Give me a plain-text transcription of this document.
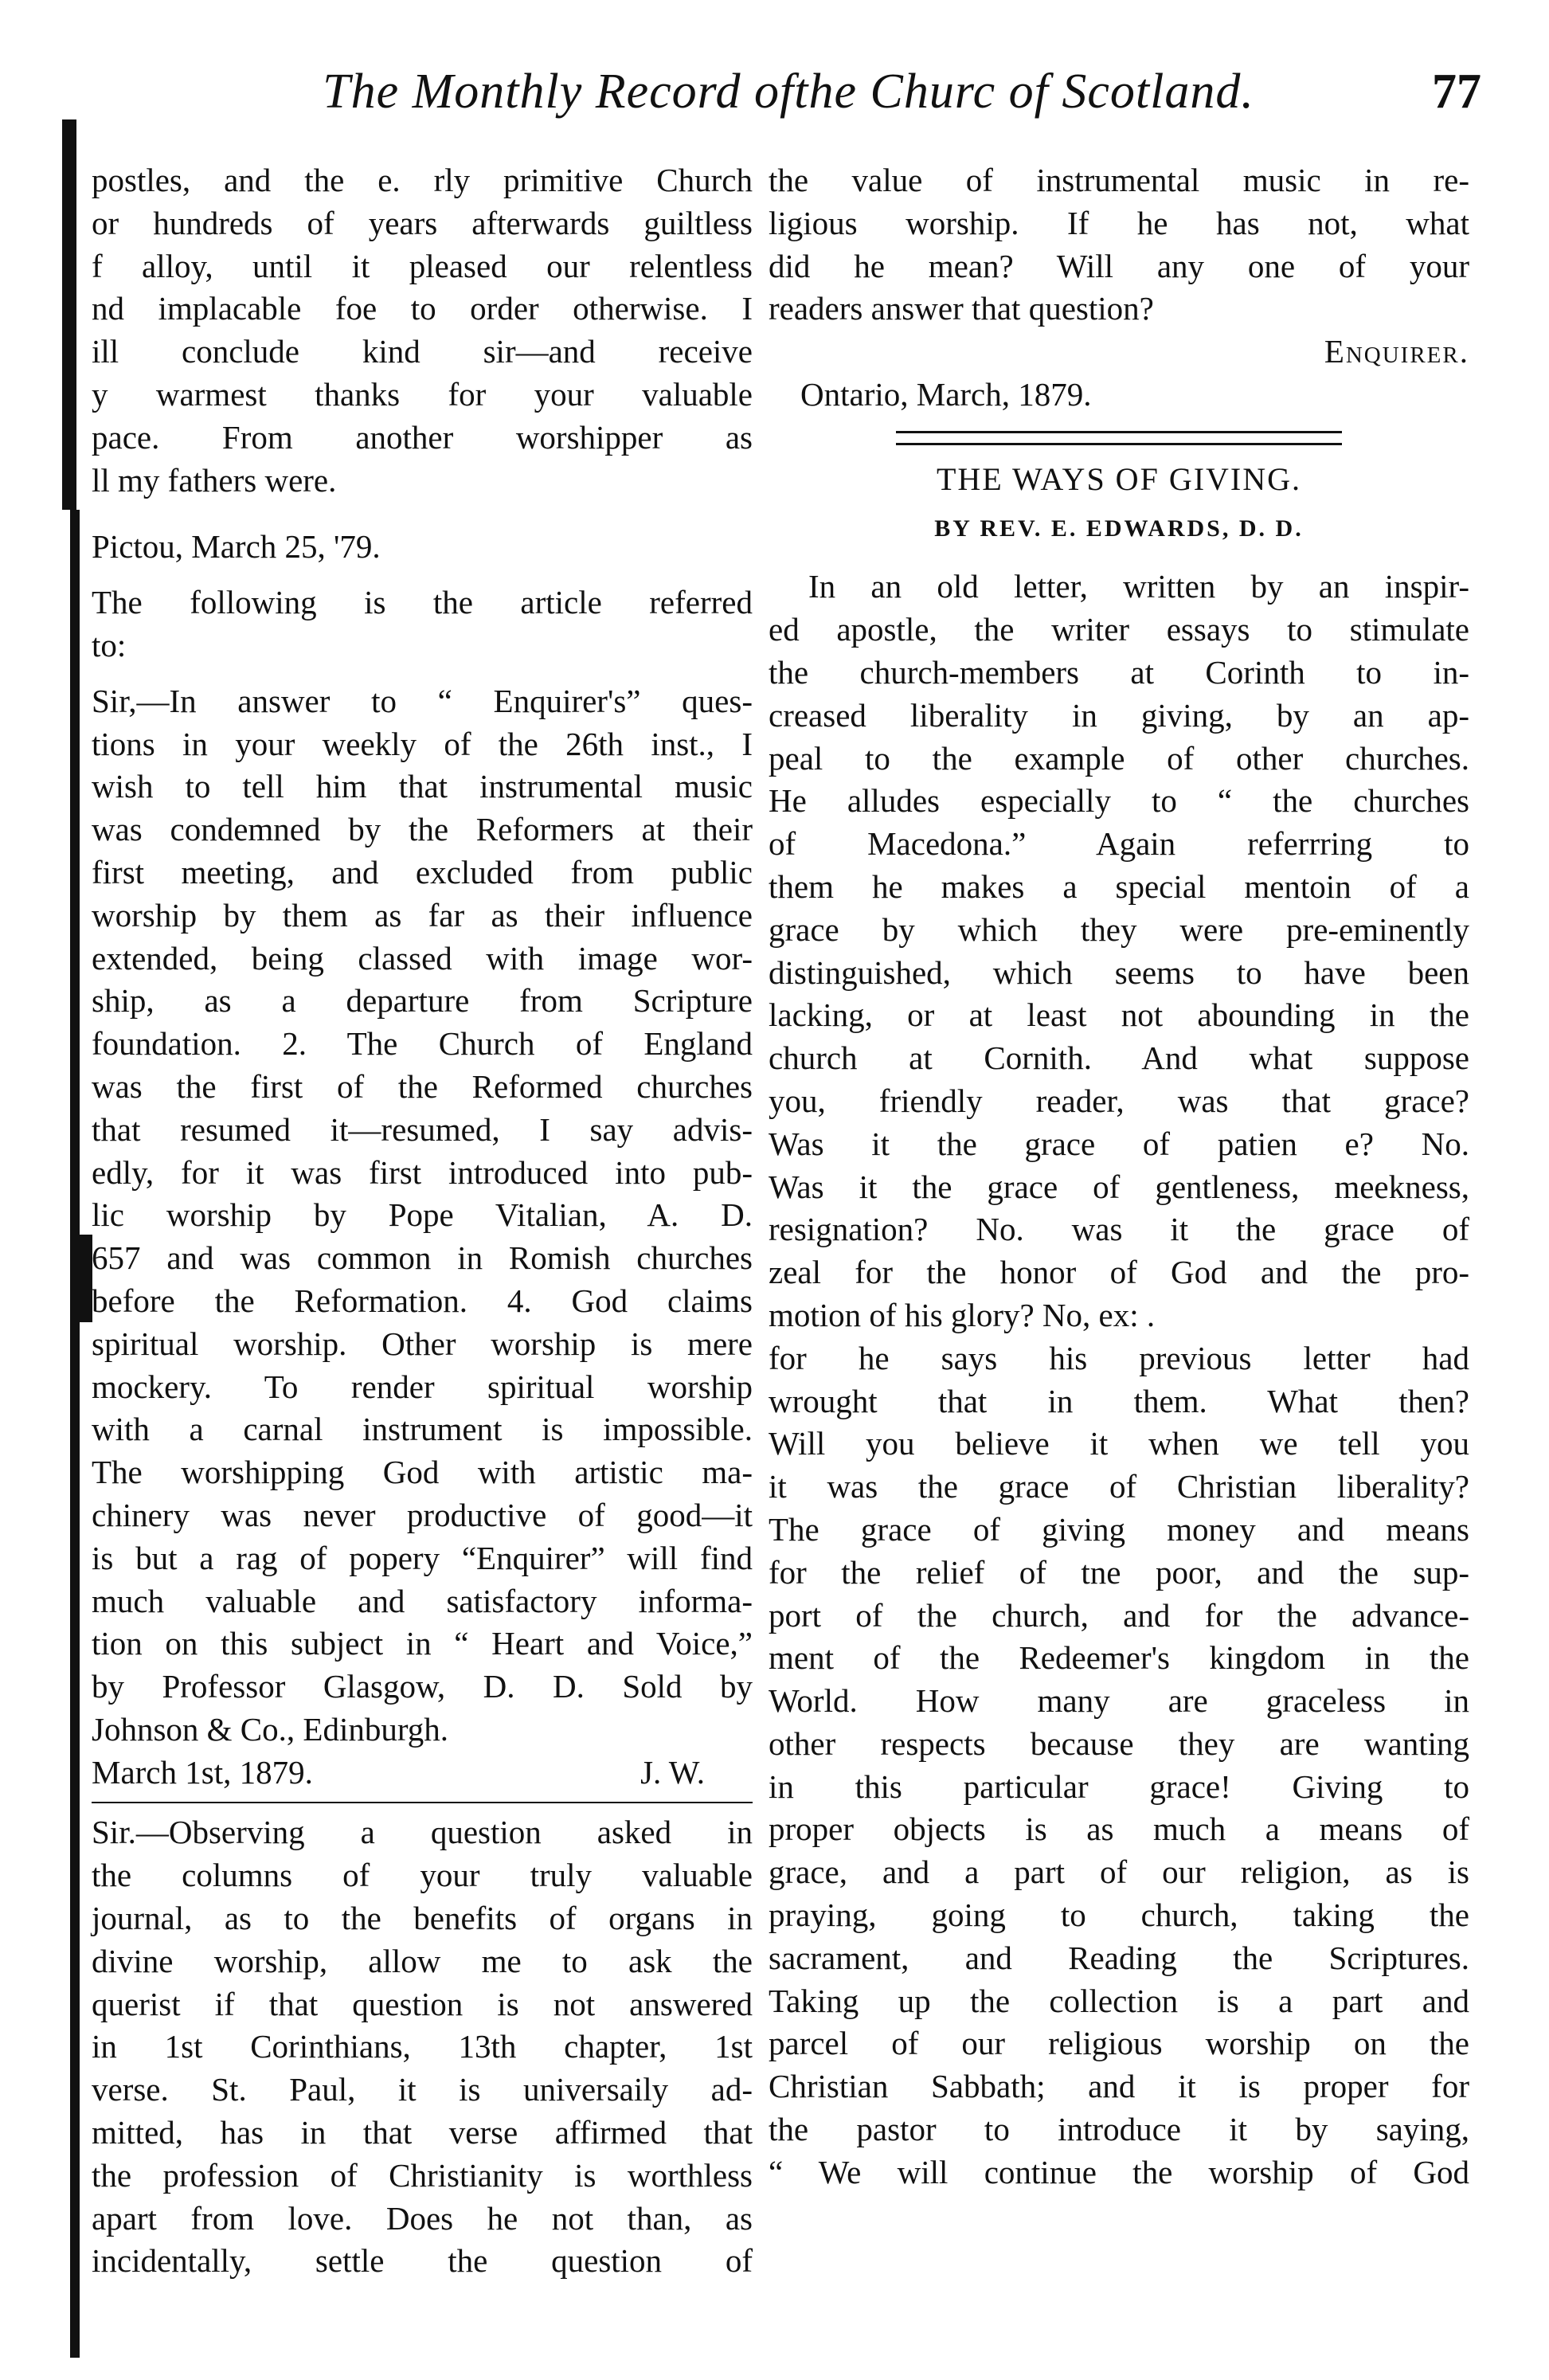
The Monthly Record ofthe Churc of Scotland.	77
postles, and the e. rly primitive Church
or hundreds of years afterwards guiltless
f alloy, until it pleased our relentless
nd implacable foe to order otherwise. I
ill conclude kind sir—and receive
y warmest thanks for your valuable
pace. From another worshipper as
ll my fathers were.
Pictou, March 25, '79.
The following is the article referred
to:
Sir,—In answer to “ Enquirer's” ques-
tions in your weekly of the 26th inst., I
wish to tell him that instrumental music
was condemned by the Reformers at their
first meeting, and excluded from public
worship by them as far as their influence
extended, being classed with image wor-
ship, as a departure from Scripture
foundation. 2. The Church of England
was the first of the Reformed churches
that resumed it—resumed, I say advis-
edly, for it was first introduced into pub-
lic worship by Pope Vitalian, A. D.
657 and was common in Romish churches
before the Reformation. 4. God claims
spiritual worship. Other worship is mere
mockery. To render spiritual worship
with a carnal instrument is impossible.
The worshipping God with artistic ma-
chinery was never productive of good—it
is but a rag of popery “Enquirer” will find
much valuable and satisfactory informa-
tion on this subject in “ Heart and Voice,”
by Professor Glasgow, D. D. Sold by
Johnson & Co., Edinburgh.
March 1st, 1879.	J. W.
Sir.—Observing a question asked in
the columns of your truly valuable
journal, as to the benefits of organs in
divine worship, allow me to ask the
querist if that question is not answered
in 1st Corinthians, 13th chapter, 1st
verse. St. Paul, it is universaily ad-
mitted, has in that verse affirmed that
the profession of Christianity is worthless
apart from love. Does he not than, as
incidentally, settle the question of
the value of instrumental music in re-
ligious worship. If he has not, what
did he mean? Will any one of your
readers answer that question?
Enquirer.
Ontario, March, 1879.
THE WAYS OF GIVING.
BY REV. E. EDWARDS, D. D.
In an old letter, written by an inspir-
ed apostle, the writer essays to stimulate
the church-members at Corinth to in-
creased liberality in giving, by an ap-
peal to the example of other churches.
He alludes especially to “ the churches
of Macedona.” Again referrring to
them he makes a special mentoin of a
grace by which they were pre-eminently
distinguished, which seems to have been
lacking, or at least not abounding in the
church at Cornith. And what suppose
you, friendly reader, was that grace?
Was it the grace of patien e? No.
Was it the grace of gentleness, meekness,
resignation? No. was it the grace of
zeal for the honor of God and the pro-
motion of his glory? No, ex: .
for he says his previous letter had
wrought that in them. What then?
Will you believe it when we tell you
it was the grace of Christian liberality?
The grace of giving money and means
for the relief of tne poor, and the sup-
port of the church, and for the advance-
ment of the Redeemer's kingdom in the
World. How many are graceless in
other respects because they are wanting
in this particular grace! Giving to
proper objects is as much a means of
grace, and a part of our religion, as is
praying, going to church, taking the
sacrament, and Reading the Scriptures.
Taking up the collection is a part and
parcel of our religious worship on the
Christian Sabbath; and it is proper for
the pastor to introduce it by saying,
“ We will continue the worship of God
